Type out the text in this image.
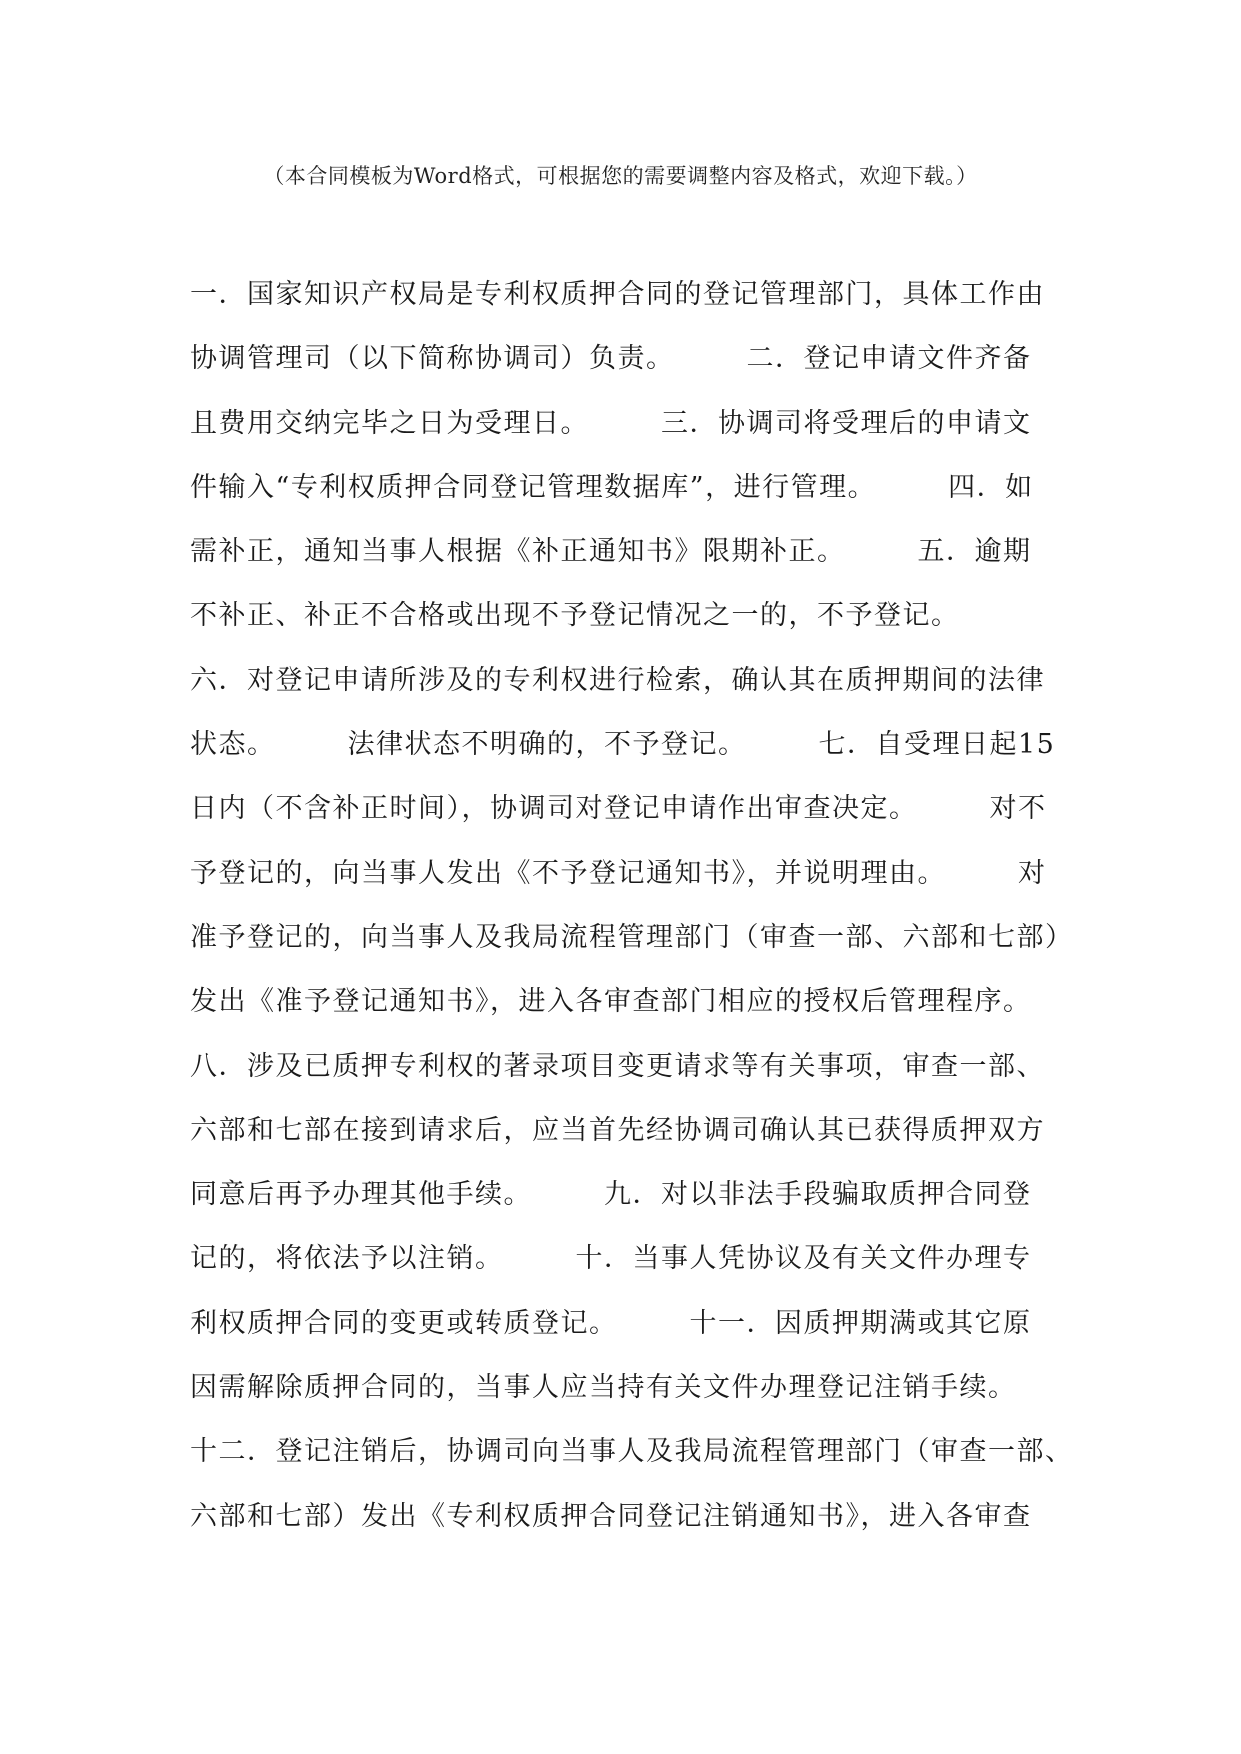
（本合同模板为Word格式，可根据您的需要调整内容及格式，欢迎下载。）
一．国家知识产权局是专利权质押合同的登记管理部门，具体工作由
协调管理司（以下简称协调司）负责。　　　二．登记申请文件齐备
且费用交纳完毕之日为受理日。　　　三．协调司将受理后的申请文
件输入“专利权质押合同登记管理数据库”，进行管理。　　　四．如
需补正，通知当事人根据《补正通知书》限期补正。　　　五．逾期
不补正、补正不合格或出现不予登记情况之一的，不予登记。
六．对登记申请所涉及的专利权进行检索，确认其在质押期间的法律
状态。　　　法律状态不明确的，不予登记。　　　七．自受理日起15
日内（不含补正时间），协调司对登记申请作出审查决定。　　　对不
予登记的，向当事人发出《不予登记通知书》，并说明理由。　　　对
准予登记的，向当事人及我局流程管理部门（审查一部、六部和七部）
发出《准予登记通知书》，进入各审查部门相应的授权后管理程序。
八．涉及已质押专利权的著录项目变更请求等有关事项，审查一部、
六部和七部在接到请求后，应当首先经协调司确认其已获得质押双方
同意后再予办理其他手续。　　　九．对以非法手段骗取质押合同登
记的，将依法予以注销。　　　十．当事人凭协议及有关文件办理专
利权质押合同的变更或转质登记。　　　十一．因质押期满或其它原
因需解除质押合同的，当事人应当持有关文件办理登记注销手续。
十二．登记注销后，协调司向当事人及我局流程管理部门（审查一部、
六部和七部）发出《专利权质押合同登记注销通知书》，进入各审查
